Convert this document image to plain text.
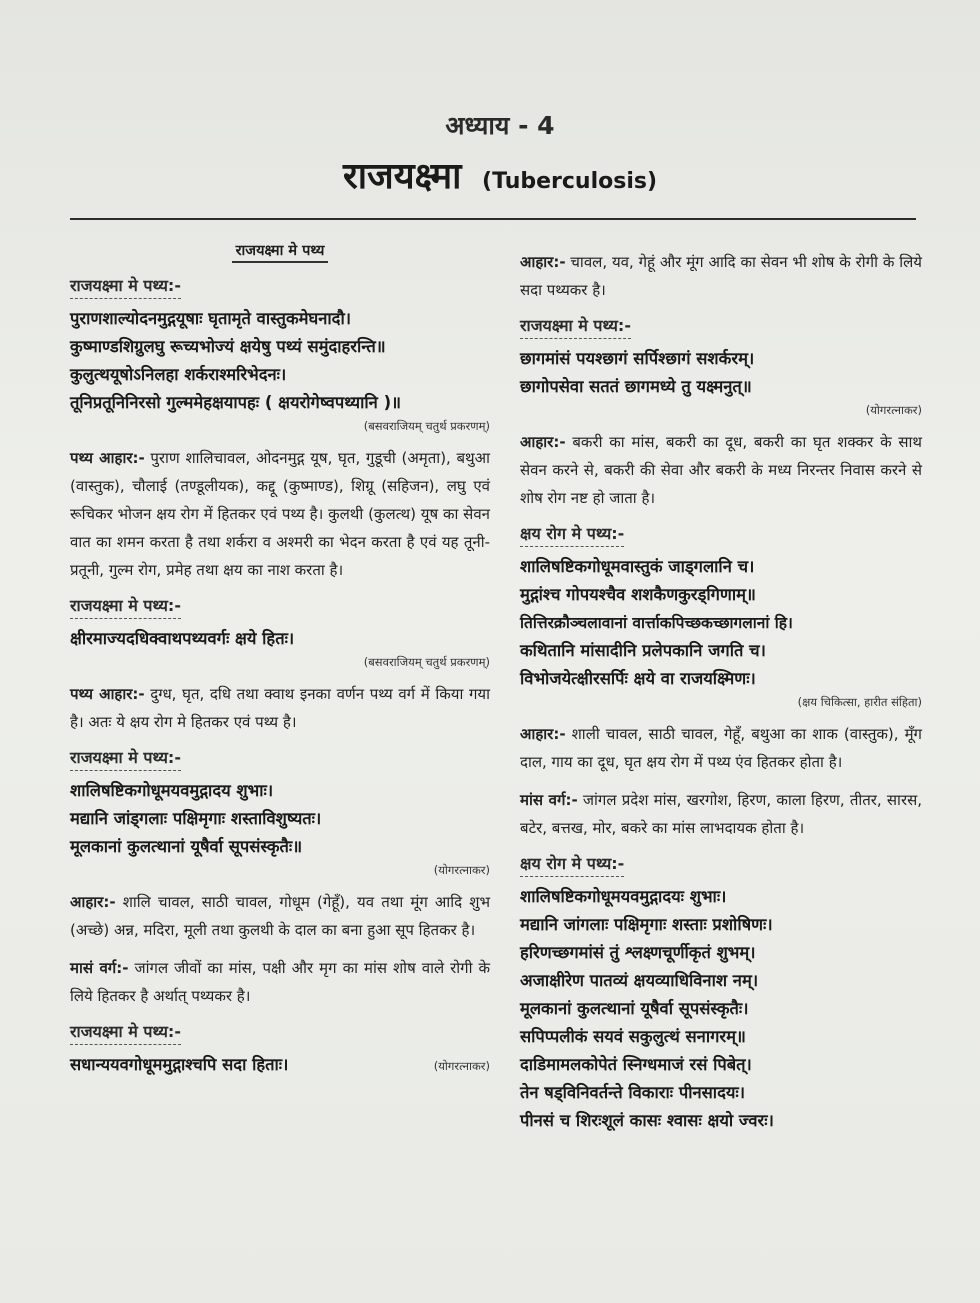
अध्याय - 4
राजयक्ष्मा (Tuberculosis)
राजयक्ष्मा मे पथ्य
राजयक्ष्मा मे पथ्य:-
पुराणशाल्योदनमुद्गयूषाः घृतामृते वास्तुकमेघनादौ।
कुष्माण्डशिग्रुलघु रूच्यभोज्यं क्षयेषु पथ्यं समुंदाहरन्ति॥
कुलुत्थयूषोऽनिलहा शर्कराश्मरिभेदनः।
तूनिप्रतूनिनिरसो गुल्ममेहक्षयापहः ( क्षयरोगेष्वपथ्यानि )॥
(बसवराजियम् चतुर्थ प्रकरणम्)
पथ्य आहार:- पुराण शालिचावल, ओदनमुद्ग यूष, घृत, गुडूची (अमृता), बथुआ (वास्तुक), चौलाई (तण्डूलीयक), कद्दू (कुष्माण्ड), शिग्रू (सहिजन), लघु एवं रूचिकर भोजन क्षय रोग में हितकर एवं पथ्य है। कुलथी (कुलत्थ) यूष का सेवन वात का शमन करता है तथा शर्करा व अश्मरी का भेदन करता है एवं यह तूनी-प्रतूनी, गुल्म रोग, प्रमेह तथा क्षय का नाश करता है।
राजयक्ष्मा मे पथ्य:-
क्षीरमाज्यदधिक्वाथपथ्यवर्गः क्षये हितः।
(बसवराजियम् चतुर्थ प्रकरणम्)
पथ्य आहार:- दुग्ध, घृत, दधि तथा क्वाथ इनका वर्णन पथ्य वर्ग में किया गया है। अतः ये क्षय रोग मे हितकर एवं पथ्य है।
राजयक्ष्मा मे पथ्य:-
शालिषष्टिकगोधूमयवमुद्गादय शुभाः।
मद्यानि जांड्गलाः पक्षिमृगाः शस्ताविशुष्यतः।
मूलकानां कुलत्थानां यूषैर्वा सूपसंस्कृतैः॥
(योगरत्नाकर)
आहार:- शालि चावल, साठी चावल, गोधूम (गेहूँ), यव तथा मूंग आदि शुभ (अच्छे) अन्न, मदिरा, मूली तथा कुलथी के दाल का बना हुआ सूप हितकर है।
मासं वर्ग:- जांगल जीवों का मांस, पक्षी और मृग का मांस शोष वाले रोगी के लिये हितकर है अर्थात् पथ्यकर है।
राजयक्ष्मा मे पथ्य:-
सधान्ययवगोधूममुद्गाश्चपि सदा हिताः।	(योगरत्नाकर)
आहार:- चावल, यव, गेहूं और मूंग आदि का सेवन भी शोष के रोगी के लिये सदा पथ्यकर है।
राजयक्ष्मा मे पथ्य:-
छागमांसं पयश्छागं सर्पिश्छागं सशर्करम्।
छागोपसेवा सततं छागमध्ये तु यक्ष्मनुत्॥
(योगरत्नाकर)
आहार:- बकरी का मांस, बकरी का दूध, बकरी का घृत शक्कर के साथ सेवन करने से, बकरी की सेवा और बकरी के मध्य निरन्तर निवास करने से शोष रोग नष्ट हो जाता है।
क्षय रोग मे पथ्य:-
शालिषष्टिकगोधूमवास्तुकं जाड्गलानि च।
मुद्गांश्च गोपयश्चैव शशकैणकुरड्गिणाम्॥
तित्तिरक्रौञ्चलावानां वार्त्ताकपिच्छकच्छागलानां हि।
कथितानि मांसादीनि प्रलेपकानि जगति च।
विभोजयेत्क्षीरसर्पिः क्षये वा राजयक्ष्मिणः।
(क्षय चिकित्सा, हारीत संहिता)
आहार:- शाली चावल, साठी चावल, गेहूँ, बथुआ का शाक (वास्तुक), मूँग दाल, गाय का दूध, घृत क्षय रोग में पथ्य एंव हितकर होता है।
मांस वर्ग:- जांगल प्रदेश मांस, खरगोश, हिरण, काला हिरण, तीतर, सारस, बटेर, बत्तख, मोर, बकरे का मांस लाभदायक होता है।
क्षय रोग मे पथ्य:-
शालिषष्टिकगोधूमयवमुद्गादयः शुभाः।
मद्यानि जांगलाः पक्षिमृगाः शस्ताः प्रशोषिणः।
हरिणच्छगमांसं तुं श्लक्ष्णचूर्णीकृतं शुभम्।
अजाक्षीरेण पातव्यं क्षयव्याधिविनाश नम्।
मूलकानां कुलत्थानां यूषैर्वा सूपसंस्कृतैः।
सपिप्पलीकं सयवं सकुलुत्थं सनागरम्॥
दाडिमामलकोपेतं स्निग्धमाजं रसं पिबेत्।
तेन षड्विनिवर्तन्ते विकाराः पीनसादयः।
पीनसं च शिरःशूलं कासः श्वासः क्षयो ज्वरः।
